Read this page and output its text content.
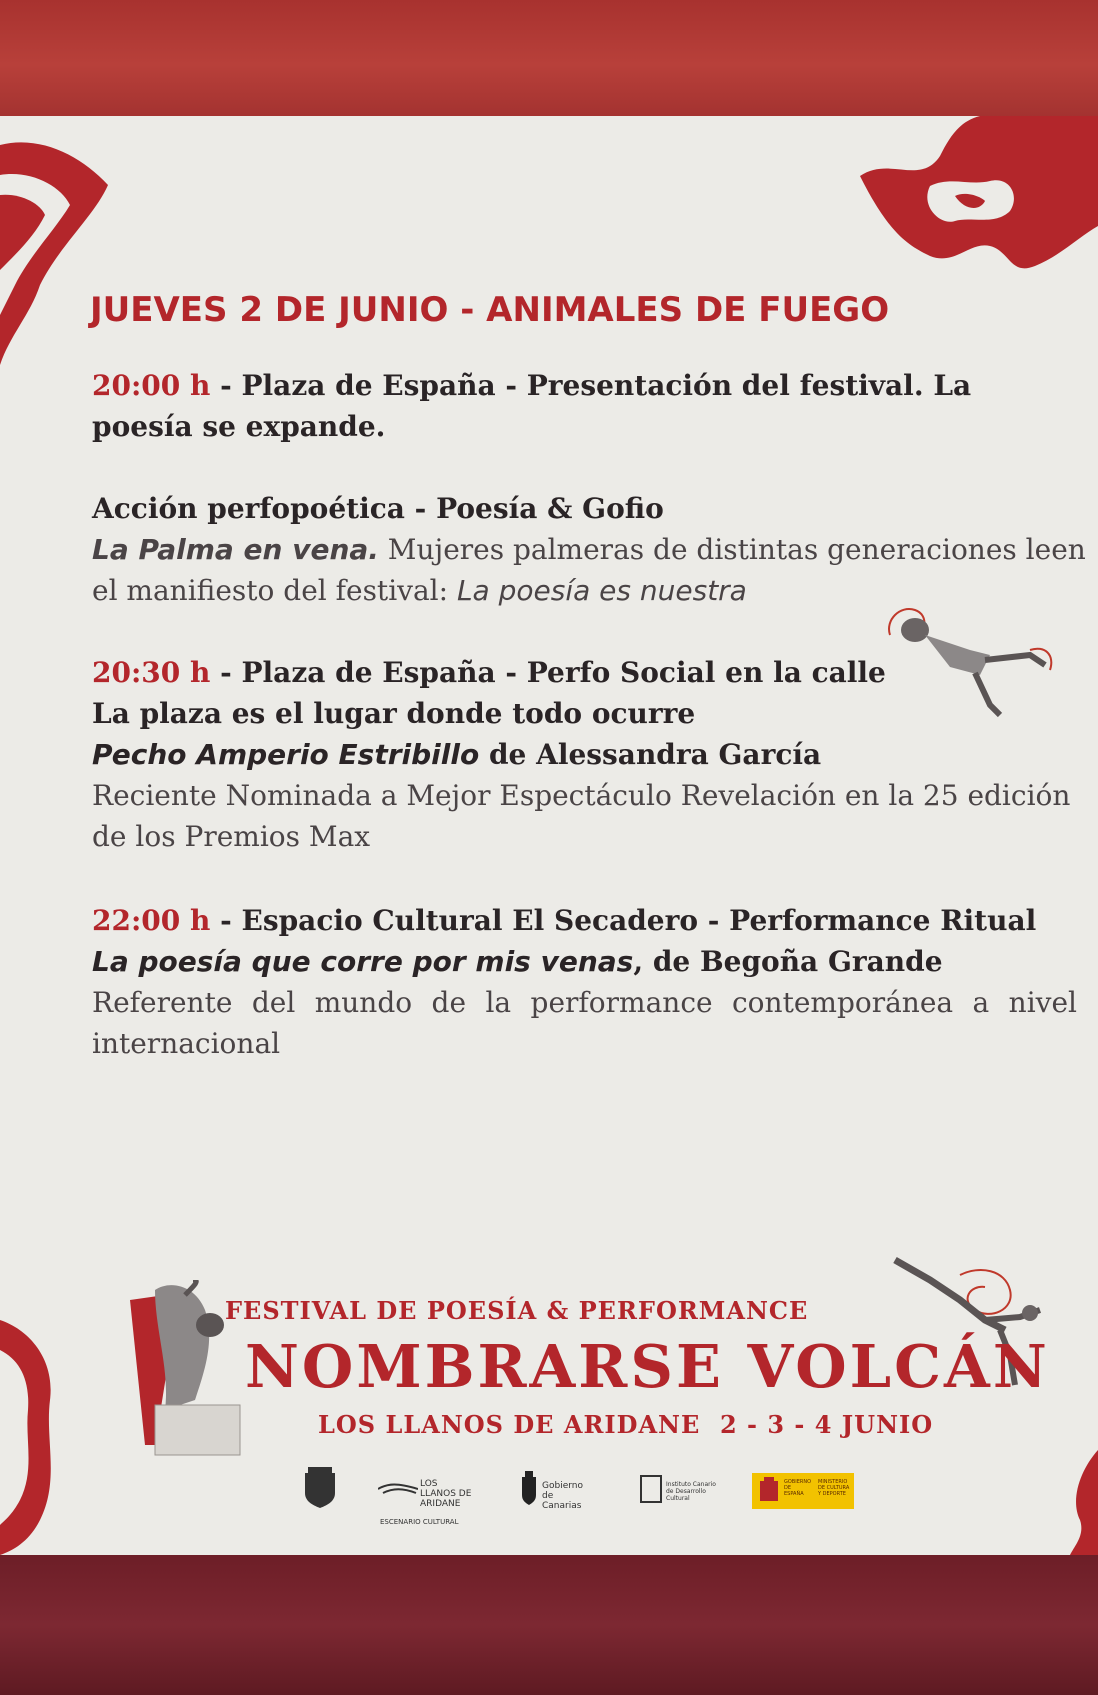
JUEVES 2 DE JUNIO - ANIMALES DE FUEGO

20:00 h - Plaza de España - Presentación del festival. La

poesía se expande.

Acción perfopoética - Poesía & Gofio

La Palma en vena. Mujeres palmeras de distintas generaciones leen

el manifiesto del festival: La poesía es nuestra

20:30 h - Plaza de España - Perfo Social en la calle

La plaza es el lugar donde todo ocurre

Pecho Amperio Estribillo de Alessandra García

Reciente Nominada a Mejor Espectáculo Revelación en la 25 edición

de los Premios Max

22:00 h - Espacio Cultural El Secadero - Performance Ritual

La poesía que corre por mis venas, de Begoña Grande

Referente del mundo de la performance contemporánea a nivel

internacional

FESTIVAL DE POESÍA & PERFORMANCE

NOMBRARSE VOLCÁN

LOS LLANOS DE ARIDANE 2 - 3 - 4 JUNIO

LOS LLANOS DE ARIDANE
ESCENARIO CULTURAL
Gobierno de Canarias
Instituto Canario de Desarrollo Cultural
GOBIERNO DE ESPAÑA
MINISTERIO DE CULTURA Y DEPORTE
